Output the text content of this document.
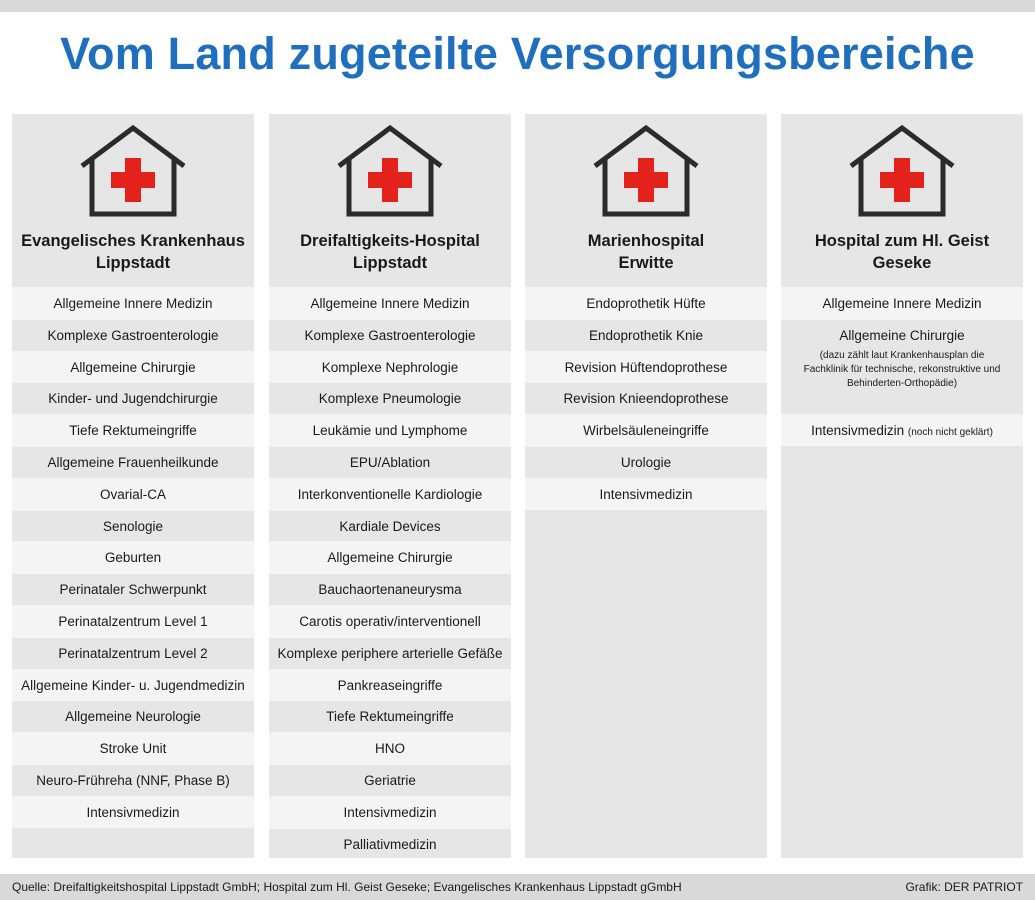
Vom Land zugeteilte Versorgungsbereiche
Evangelisches Krankenhaus
Lippstadt
Allgemeine Innere Medizin
Komplexe Gastroenterologie
Allgemeine Chirurgie
Kinder- und Jugendchirurgie
Tiefe Rektumeingriffe
Allgemeine Frauenheilkunde
Ovarial-CA
Senologie
Geburten
Perinataler Schwerpunkt
Perinatalzentrum Level 1
Perinatalzentrum Level 2
Allgemeine Kinder- u. Jugendmedizin
Allgemeine Neurologie
Stroke Unit
Neuro-Frühreha (NNF, Phase B)
Intensivmedizin
Dreifaltigkeits-Hospital
Lippstadt
Allgemeine Innere Medizin
Komplexe Gastroenterologie
Komplexe Nephrologie
Komplexe Pneumologie
Leukämie und Lymphome
EPU/Ablation
Interkonventionelle Kardiologie
Kardiale Devices
Allgemeine Chirurgie
Bauchaortenaneurysma
Carotis operativ/interventionell
Komplexe periphere arterielle Gefäße
Pankreaseingriffe
Tiefe Rektumeingriffe
HNO
Geriatrie
Intensivmedizin
Palliativmedizin
Marienhospital
Erwitte
Endoprothetik Hüfte
Endoprothetik Knie
Revision Hüftendoprothese
Revision Knieendoprothese
Wirbelsäuleneingriffe
Urologie
Intensivmedizin
Hospital zum Hl. Geist
Geseke
Allgemeine Innere Medizin
Allgemeine Chirurgie
(dazu zählt laut Krankenhausplan die Fachklinik für technische, rekonstruktive und Behinderten-Orthopädie)
Intensivmedizin (noch nicht geklärt)
Quelle: Dreifaltigkeitshospital Lippstadt GmbH; Hospital zum Hl. Geist Geseke; Evangelisches Krankenhaus Lippstadt gGmbH	Grafik: DER PATRIOT
